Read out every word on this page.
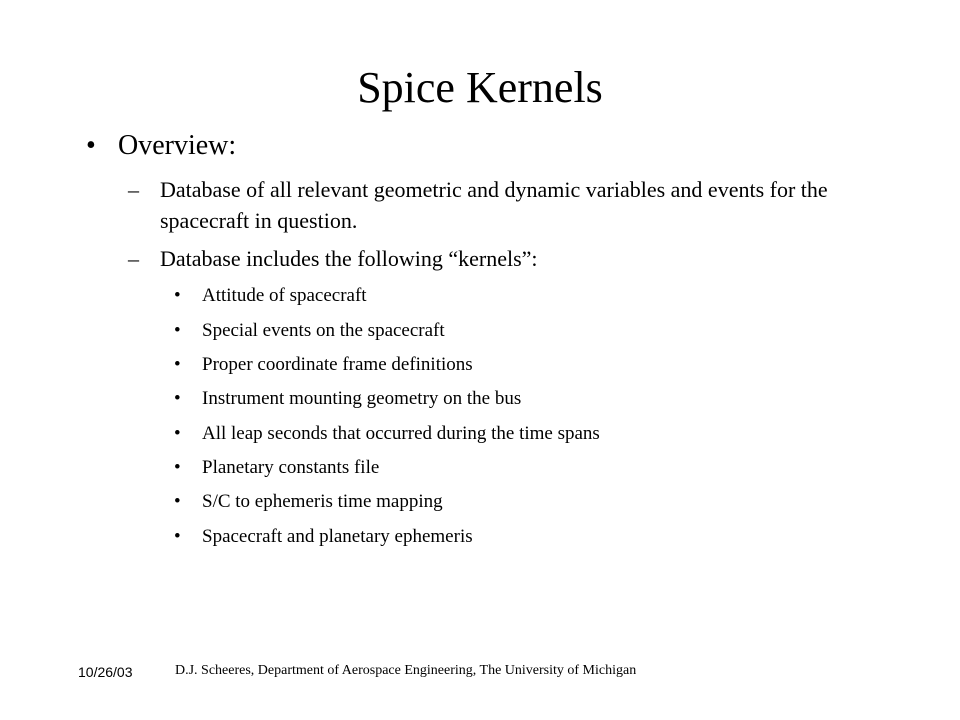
Spice Kernels
• Overview:
– Database of all relevant geometric and dynamic variables and events for the spacecraft in question.
– Database includes the following “kernels”:
• Attitude of spacecraft
• Special events on the spacecraft
• Proper coordinate frame definitions
• Instrument mounting geometry on the bus
• All leap seconds that occurred during the time spans
• Planetary constants file
• S/C to ephemeris time mapping
• Spacecraft and planetary ephemeris
10/26/03	D.J. Scheeres, Department of Aerospace Engineering, The University of Michigan
